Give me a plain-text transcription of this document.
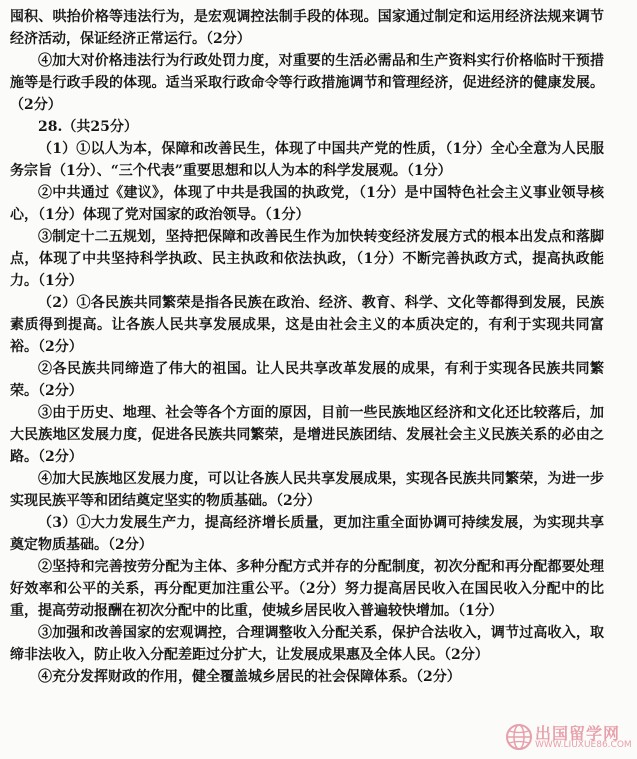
囤积、哄抬价格等违法行为，是宏观调控法制手段的体现。国家通过制定和运用经济法规来调节经济活动，保证经济正常运行。（2分）

④加大对价格违法行为行政处罚力度，对重要的生活必需品和生产资料实行价格临时干预措施等是行政手段的体现。适当采取行政命令等行政措施调节和管理经济，促进经济的健康发展。（2分）

28.（共25分）

（1）①以人为本，保障和改善民生，体现了中国共产党的性质，（1分）全心全意为人民服务宗旨（1分）、“三个代表”重要思想和以人为本的科学发展观。（1分）

②中共通过《建议》，体现了中共是我国的执政党，（1分）是中国特色社会主义事业领导核心，（1分）体现了党对国家的政治领导。（1分）

③制定十二五规划，坚持把保障和改善民生作为加快转变经济发展方式的根本出发点和落脚点，体现了中共坚持科学执政、民主执政和依法执政，（1分）不断完善执政方式，提高执政能力。（1分）

（2）①各民族共同繁荣是指各民族在政治、经济、教育、科学、文化等都得到发展，民族素质得到提高。让各族人民共享发展成果，这是由社会主义的本质决定的，有利于实现共同富裕。（2分）

②各民族共同缔造了伟大的祖国。让人民共享改革发展的成果，有利于实现各民族共同繁荣。（2分）

③由于历史、地理、社会等各个方面的原因，目前一些民族地区经济和文化还比较落后，加大民族地区发展力度，促进各民族共同繁荣，是增进民族团结、发展社会主义民族关系的必由之路。（2分）

④加大民族地区发展力度，可以让各族人民共享发展成果，实现各民族共同繁荣，为进一步实现民族平等和团结奠定坚实的物质基础。（2分）

（3）①大力发展生产力，提高经济增长质量，更加注重全面协调可持续发展，为实现共享奠定物质基础。（2分）

②坚持和完善按劳分配为主体、多种分配方式并存的分配制度，初次分配和再分配都要处理好效率和公平的关系，再分配更加注重公平。（2分）努力提高居民收入在国民收入分配中的比重，提高劳动报酬在初次分配中的比重，使城乡居民收入普遍较快增加。（1分）

③加强和改善国家的宏观调控，合理调整收入分配关系，保护合法收入，调节过高收入，取缔非法收入，防止收入分配差距过分扩大，让发展成果惠及全体人民。（2分）

④充分发挥财政的作用，健全覆盖城乡居民的社会保障体系。（2分）

出国留学网
WWW.LIUXUE86.COM
